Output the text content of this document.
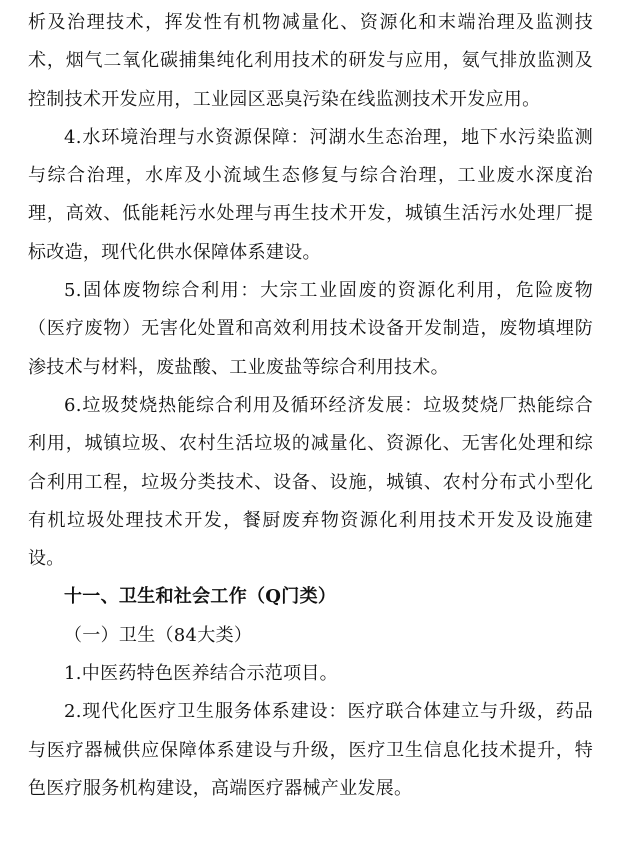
析及治理技术，挥发性有机物减量化、资源化和末端治理及监测技术，烟气二氧化碳捕集纯化利用技术的研发与应用，氨气排放监测及控制技术开发应用，工业园区恶臭污染在线监测技术开发应用。

4.水环境治理与水资源保障：河湖水生态治理，地下水污染监测与综合治理，水库及小流域生态修复与综合治理，工业废水深度治理，高效、低能耗污水处理与再生技术开发，城镇生活污水处理厂提标改造，现代化供水保障体系建设。

5.固体废物综合利用：大宗工业固废的资源化利用，危险废物（医疗废物）无害化处置和高效利用技术设备开发制造，废物填埋防渗技术与材料，废盐酸、工业废盐等综合利用技术。

6.垃圾焚烧热能综合利用及循环经济发展：垃圾焚烧厂热能综合利用，城镇垃圾、农村生活垃圾的减量化、资源化、无害化处理和综合利用工程，垃圾分类技术、设备、设施，城镇、农村分布式小型化有机垃圾处理技术开发，餐厨废弃物资源化利用技术开发及设施建设。

十一、卫生和社会工作（Q门类）

（一）卫生（84大类）

1.中医药特色医养结合示范项目。

2.现代化医疗卫生服务体系建设：医疗联合体建立与升级，药品与医疗器械供应保障体系建设与升级，医疗卫生信息化技术提升，特色医疗服务机构建设，高端医疗器械产业发展。
